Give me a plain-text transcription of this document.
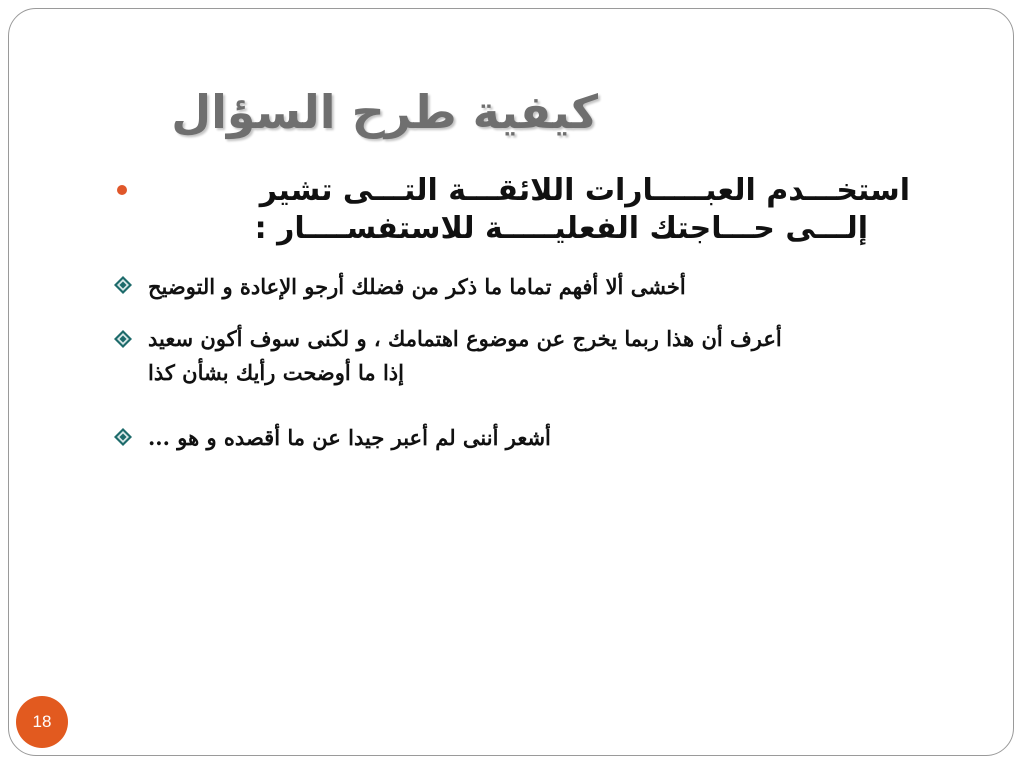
كيفية طرح السؤال
استخـــدم العبـــــارات اللائقـــة التـــى تشير
إلـــى حـــاجتك الفعليـــــة للاستفســــار :
أخشى ألا أفهم تماما ما ذكر من فضلك أرجو الإعادة و التوضيح
أعرف أن هذا ربما يخرج عن موضوع اهتمامك ، و لكنى سوف أكون سعيد
إذا ما أوضحت رأيك بشأن كذا
أشعر أننى لم أعبر جيدا عن ما أقصده و هو ...
18
